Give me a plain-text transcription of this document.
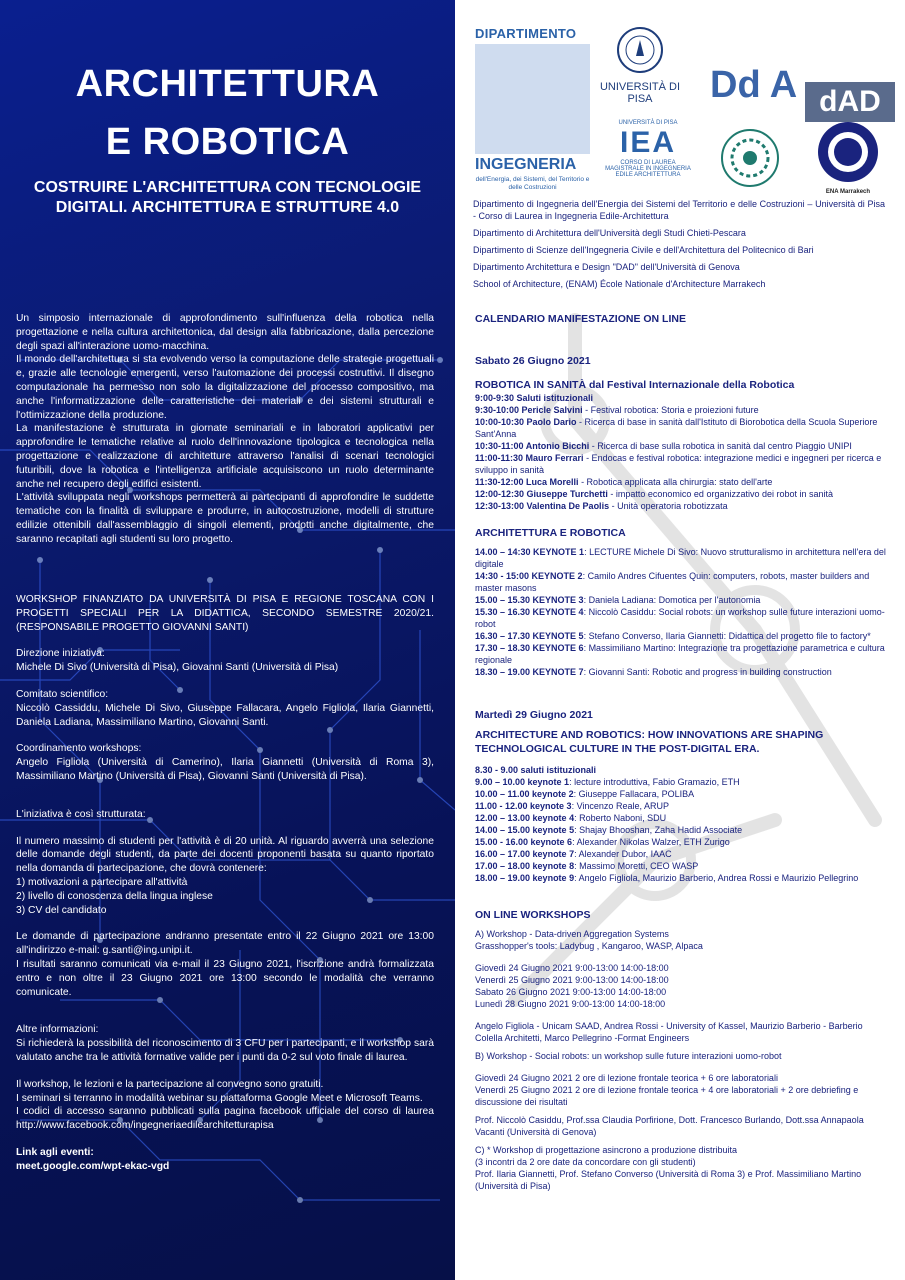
ARCHITETTURA
E ROBOTICA
COSTRUIRE L'ARCHITETTURA CON TECNOLOGIE DIGITALI. ARCHITETTURA E STRUTTURE 4.0

Un simposio internazionale di approfondimento sull'influenza della robotica nella progettazione e nella cultura architettonica, dal design alla fabbricazione, dalla percezione degli spazi all'interazione uomo-macchina.

Il mondo dell'architettura si sta evolvendo verso la computazione delle strategie progettuali e, grazie alle tecnologie emergenti, verso l'automazione dei processi costruttivi. Il disegno computazionale ha permesso non solo la digitalizzazione del processo compositivo, ma anche l'informatizzazione delle caratteristiche dei materiali e dei sistemi strutturali e l'ottimizzazione della produzione.

La manifestazione è strutturata in giornate seminariali e in laboratori applicativi per approfondire le tematiche relative al ruolo dell'innovazione tipologica e tecnologica nella progettazione e realizzazione di architetture attraverso l'analisi di scenari tecnologici futuribili, dove la robotica e l'intelligenza artificiale acquisiscono un ruolo determinante anche nel recupero degli edifici esistenti.

L'attività sviluppata negli workshops permetterà ai partecipanti di approfondire le suddette tematiche con la finalità di sviluppare e produrre, in autocostruzione, modelli di strutture edilizie ottenibili dall'assemblaggio di singoli elementi, prodotti anche digitalmente, che saranno recapitati agli studenti su loro progetto.

WORKSHOP FINANZIATO DA UNIVERSITÀ DI PISA E REGIONE TOSCANA CON I PROGETTI SPECIALI PER LA DIDATTICA, SECONDO SEMESTRE 2020/21. (RESPONSABILE PROGETTO GIOVANNI SANTI)

Direzione iniziativa:

Michele Di Sivo (Università di Pisa), Giovanni Santi (Università di Pisa)

Comitato scientifico:

Niccolò Cassiddu, Michele Di Sivo, Giuseppe Fallacara, Angelo Figliola, Ilaria Giannetti, Daniela Ladiana, Massimiliano Martino, Giovanni Santi.

Coordinamento workshops:

Angelo Figliola (Università di Camerino), Ilaria Giannetti (Università di Roma 3), Massimiliano Martino (Università di Pisa), Giovanni Santi (Università di Pisa).

L'iniziativa è così strutturata:

Il numero massimo di studenti per l'attività è di 20 unità. Al riguardo avverrà una selezione delle domande degli studenti, da parte dei docenti proponenti basata su quanto riportato nella domanda di partecipazione, che dovrà contenere:

1) motivazioni a partecipare all'attività

2) livello di conoscenza della lingua inglese

3) CV del candidato

Le domande di partecipazione andranno presentate entro il 22 Giugno 2021 ore 13:00 all'indirizzo e-mail: g.santi@ing.unipi.it.

I risultati saranno comunicati via e-mail il 23 Giugno 2021, l'iscrizione andrà formalizzata entro e non oltre il 23 Giugno 2021 ore 13:00 secondo le modalità che verranno comunicate.

Altre informazioni:

Si richiederà la possibilità del riconoscimento di 3 CFU per i partecipanti, e il workshop sarà valutato anche tra le attività formative valide per i punti da 0-2 sul voto finale di laurea.

Il workshop, le lezioni e la partecipazione al convegno sono gratuiti.

I seminari si terranno in modalità webinar su piattaforma Google Meet e Microsoft Teams.

I codici di accesso saranno pubblicati sulla pagina facebook ufficiale del corso di laurea http://www.facebook.com/ingegneriaedilearchitetturapisa

Link agli eventi:

meet.google.com/wpt-ekac-vgd

DIPARTIMENTO
INGEGNERIA
dell'Energia, dei Sistemi, del Territorio e delle Costruzioni
UNIVERSITÀ DI PISA	Dd A dAD
UNIVERSITÀ DI PISA
IEA
CORSO DI LAUREA MAGISTRALE IN INGEGNERIA EDILE ARCHITETTURA
ENA Marrakech

Dipartimento di Ingegneria dell'Energia dei Sistemi del Territorio e delle Costruzioni – Università di Pisa - Corso di Laurea in Ingegneria Edile-Architettura

Dipartimento di Architettura dell'Università degli Studi Chieti-Pescara

Dipartimento di Scienze dell'Ingegneria Civile e dell'Architettura del Politecnico di Bari

Dipartimento Architettura e Design "DAD" dell'Università di Genova

School of Architecture, (ENAM) École Nationale d'Architecture Marrakech

CALENDARIO MANIFESTAZIONE ON LINE

Sabato 26 Giugno 2021

ROBOTICA IN SANITÀ dal Festival Internazionale della Robotica

9:00-9:30 Saluti istituzionali

9:30-10:00 Pericle Salvini - Festival robotica: Storia e proiezioni future

10:00-10:30 Paolo Dario - Ricerca di base in sanità dall'Istituto di Biorobotica della Scuola Superiore Sant'Anna

10:30-11:00 Antonio Bicchi - Ricerca di base sulla robotica in sanità dal centro Piaggio UNIPI

11:00-11:30 Mauro Ferrari - Endocas e festival robotica: integrazione medici e ingegneri per ricerca e sviluppo in sanità

11:30-12:00 Luca Morelli - Robotica applicata alla chirurgia: stato dell'arte

12:00-12:30 Giuseppe Turchetti - impatto economico ed organizzativo dei robot in sanità

12:30-13:00 Valentina De Paolis - Unità operatoria robotizzata

ARCHITETTURA E ROBOTICA

14.00 – 14:30 KEYNOTE 1: LECTURE Michele Di Sivo: Nuovo strutturalismo in architettura nell'era del digitale

14:30 - 15:00 KEYNOTE 2: Camilo Andres Cifuentes Quin: computers, robots, master builders and master masons

15.00 – 15.30 KEYNOTE 3: Daniela Ladiana: Domotica per l'autonomia

15.30 – 16.30 KEYNOTE 4: Niccolò Casiddu: Social robots: un workshop sulle future interazioni uomo-robot

16.30 – 17.30 KEYNOTE 5: Stefano Converso, Ilaria Giannetti: Didattica del progetto file to factory*

17.30 – 18.30 KEYNOTE 6: Massimiliano Martino: Integrazione tra progettazione parametrica e cultura regionale

18.30 – 19.00 KEYNOTE 7: Giovanni Santi: Robotic and progress in building construction

Martedì 29 Giugno 2021

ARCHITECTURE AND ROBOTICS: HOW INNOVATIONS ARE SHAPING TECHNOLOGICAL CULTURE IN THE POST-DIGITAL ERA.

8.30 - 9.00 saluti istituzionali

9.00 – 10.00 keynote 1: lecture introduttiva, Fabio Gramazio, ETH

10.00 – 11.00 keynote 2: Giuseppe Fallacara, POLIBA

11.00 - 12.00 keynote 3: Vincenzo Reale, ARUP

12.00 – 13.00 keynote 4: Roberto Naboni, SDU

14.00 – 15.00 keynote 5: Shajay Bhooshan, Zaha Hadid Associate

15.00 - 16.00 keynote 6: Alexander Nikolas Walzer, ETH Zurigo

16.00 – 17.00 keynote 7: Alexander Dubor, IAAC

17.00 – 18.00 keynote 8: Massimo Moretti, CEO WASP

18.00 – 19.00 keynote 9: Angelo Figliola, Maurizio Barberio, Andrea Rossi e Maurizio Pellegrino

ON LINE WORKSHOPS

A) Workshop - Data-driven Aggregation Systems

Grasshopper's tools: Ladybug , Kangaroo, WASP, Alpaca

Giovedì 24 Giugno 2021 9:00-13:00 14:00-18:00

Venerdì 25 Giugno 2021 9:00-13:00 14:00-18:00

Sabato 26 Giugno 2021 9:00-13:00 14:00-18:00

Lunedì 28 Giugno 2021 9:00-13:00 14:00-18:00

Angelo Figliola - Unicam SAAD, Andrea Rossi - University of Kassel, Maurizio Barberio - Barberio Colella Architetti, Marco Pellegrino -Format Engineers

B) Workshop - Social robots: un workshop sulle future interazioni uomo-robot

Giovedì 24 Giugno 2021 2 ore di lezione frontale teorica + 6 ore laboratoriali

Venerdì 25 Giugno 2021 2 ore di lezione frontale teorica + 4 ore laboratoriali + 2 ore debriefing e discussione dei risultati

Prof. Niccolò Casiddu, Prof.ssa Claudia Porfirione, Dott. Francesco Burlando, Dott.ssa Annapaola Vacanti (Università di Genova)

C) * Workshop di progettazione asincrono a produzione distribuita

(3 incontri da 2 ore date da concordare con gli studenti)

Prof. Ilaria Giannetti, Prof. Stefano Converso (Università di Roma 3) e Prof. Massimiliano Martino (Università di Pisa)
